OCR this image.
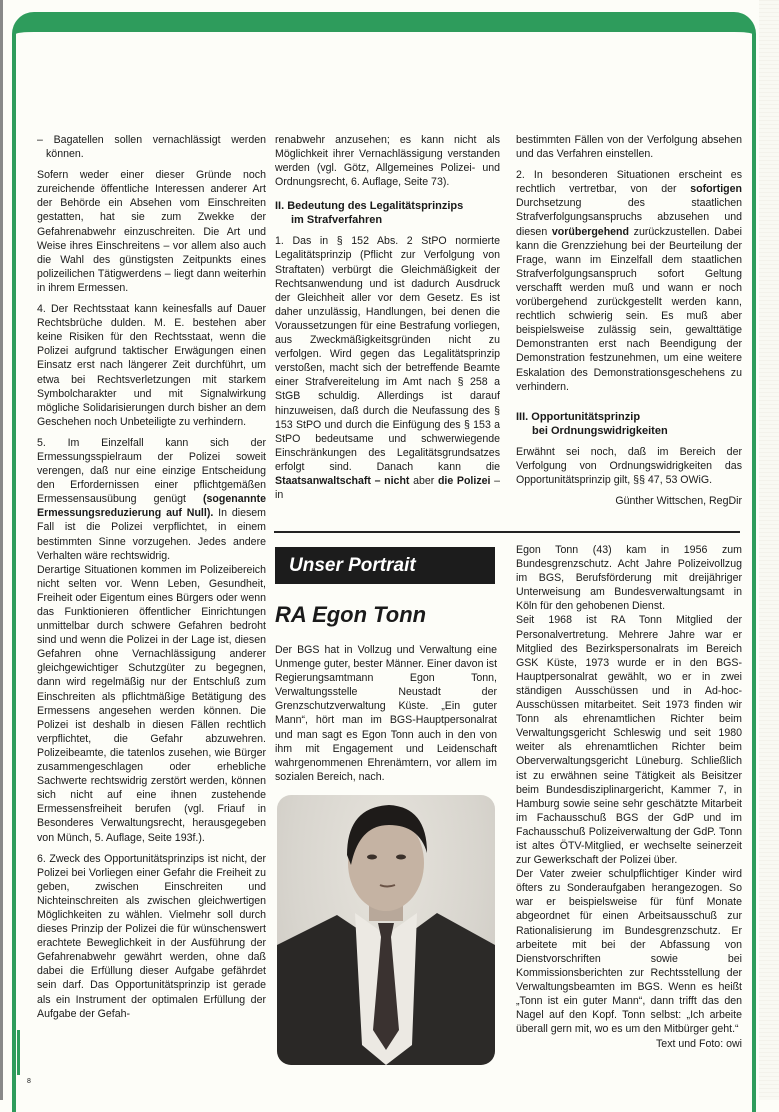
– Bagatellen sollen vernachlässigt werden können.

Sofern weder einer dieser Gründe noch zureichende öffentliche Interessen anderer Art der Behörde ein Absehen vom Einschreiten gestatten, hat sie zum Zwekke der Gefahrenabwehr einzuschreiten. Die Art und Weise ihres Einschreitens – vor allem also auch die Wahl des günstigsten Zeitpunkts eines polizeilichen Tätigwerdens – liegt dann weiterhin in ihrem Ermessen.

4. Der Rechtsstaat kann keinesfalls auf Dauer Rechtsbrüche dulden. M. E. bestehen aber keine Risiken für den Rechtsstaat, wenn die Polizei aufgrund taktischer Erwägungen einen Einsatz erst nach längerer Zeit durchführt, um etwa bei Rechtsverletzungen mit starkem Symbolcharakter und mit Signalwirkung mögliche Solidarisierungen durch bisher an dem Geschehen noch Unbeteiligte zu verhindern.

5. Im Einzelfall kann sich der Ermessungsspielraum der Polizei soweit verengen, daß nur eine einzige Entscheidung den Erfordernissen einer pflichtgemäßen Ermessensausübung genügt (sogenannte Ermessungsreduzierung auf Null). In diesem Fall ist die Polizei verpflichtet, in einem bestimmten Sinne vorzugehen. Jedes andere Verhalten wäre rechtswidrig.

Derartige Situationen kommen im Polizeibereich nicht selten vor. Wenn Leben, Gesundheit, Freiheit oder Eigentum eines Bürgers oder wenn das Funktionieren öffentlicher Einrichtungen unmittelbar durch schwere Gefahren bedroht sind und wenn die Polizei in der Lage ist, diesen Gefahren ohne Vernachlässigung anderer gleichgewichtiger Schutzgüter zu begegnen, dann wird regelmäßig nur der Entschluß zum Einschreiten als pflichtmäßige Betätigung des Ermessens angesehen werden können. Die Polizei ist deshalb in diesen Fällen rechtlich verpflichtet, die Gefahr abzuwehren. Polizeibeamte, die tatenlos zusehen, wie Bürger zusammengeschlagen oder erhebliche Sachwerte rechtswidrig zerstört werden, können sich nicht auf eine ihnen zustehende Ermessensfreiheit berufen (vgl. Friauf in Besonderes Verwaltungsrecht, herausgegeben von Münch, 5. Auflage, Seite 193f.).

6. Zweck des Opportunitätsprinzips ist nicht, der Polizei bei Vorliegen einer Gefahr die Freiheit zu geben, zwischen Einschreiten und Nichteinschreiten als zwischen gleichwertigen Möglichkeiten zu wählen. Vielmehr soll durch dieses Prinzip der Polizei die für wünschenswert erachtete Beweglichkeit in der Ausführung der Gefahrenabwehr gewährt werden, ohne daß dabei die Erfüllung dieser Aufgabe gefährdet sein darf. Das Opportunitätsprinzip ist gerade als ein Instrument der optimalen Erfüllung der Aufgabe der Gefah-

renabwehr anzusehen; es kann nicht als Möglichkeit ihrer Vernachlässigung verstanden werden (vgl. Götz, Allgemeines Polizei- und Ordnungsrecht, 6. Auflage, Seite 73).

II. Bedeutung des Legalitätsprinzips
im Strafverfahren

1. Das in § 152 Abs. 2 StPO normierte Legalitätsprinzip (Pflicht zur Verfolgung von Straftaten) verbürgt die Gleichmäßigkeit der Rechtsanwendung und ist dadurch Ausdruck der Gleichheit aller vor dem Gesetz. Es ist daher unzulässig, Handlungen, bei denen die Voraussetzungen für eine Bestrafung vorliegen, aus Zweckmäßigkeitsgründen nicht zu verfolgen. Wird gegen das Legalitätsprinzip verstoßen, macht sich der betreffende Beamte einer Strafvereitelung im Amt nach § 258 a StGB schuldig. Allerdings ist darauf hinzuweisen, daß durch die Neufassung des § 153 StPO und durch die Einfügung des § 153 a StPO bedeutsame und schwerwiegende Einschränkungen des Legalitätsgrundsatzes erfolgt sind. Danach kann die Staatsanwaltschaft – nicht aber die Polizei – in

bestimmten Fällen von der Verfolgung absehen und das Verfahren einstellen.

2. In besonderen Situationen erscheint es rechtlich vertretbar, von der sofortigen Durchsetzung des staatlichen Strafverfolgungsanspruchs abzusehen und diesen vorübergehend zurückzustellen. Dabei kann die Grenzziehung bei der Beurteilung der Frage, wann im Einzelfall dem staatlichen Strafverfolgungsanspruch sofort Geltung verschafft werden muß und wann er noch vorübergehend zurückgestellt werden kann, rechtlich schwierig sein. Es muß aber beispielsweise zulässig sein, gewalttätige Demonstranten erst nach Beendigung der Demonstration festzunehmen, um eine weitere Eskalation des Demonstrationsgeschehens zu verhindern.

III. Opportunitätsprinzip
bei Ordnungswidrigkeiten

Erwähnt sei noch, daß im Bereich der Verfolgung von Ordnungswidrigkeiten das Opportunitätsprinzip gilt, §§ 47, 53 OWiG.

Günther Wittschen, RegDir

Unser Portrait
RA Egon Tonn
Der BGS hat in Vollzug und Verwaltung eine Unmenge guter, bester Männer. Einer davon ist Regierungsamtmann Egon Tonn, Verwaltungsstelle Neustadt der Grenzschutzverwaltung Küste. „Ein guter Mann“, hört man im BGS-Hauptpersonalrat und man sagt es Egon Tonn auch in den von ihm mit Engagement und Leidenschaft wahrgenommenen Ehrenämtern, vor allem im sozialen Bereich, nach.

Egon Tonn (43) kam in 1956 zum Bundesgrenzschutz. Acht Jahre Polizeivollzug im BGS, Berufsförderung mit dreijähriger Unterweisung am Bundesverwaltungsamt in Köln für den gehobenen Dienst.

Seit 1968 ist RA Tonn Mitglied der Personalvertretung. Mehrere Jahre war er Mitglied des Bezirkspersonalrats im Bereich GSK Küste, 1973 wurde er in den BGS-Hauptpersonalrat gewählt, wo er in zwei ständigen Ausschüssen und in Ad-hoc-Ausschüssen mitarbeitet. Seit 1973 finden wir Tonn als ehrenamtlichen Richter beim Verwaltungsgericht Schleswig und seit 1980 weiter als ehrenamtlichen Richter beim Oberverwaltungsgericht Lüneburg. Schließlich ist zu erwähnen seine Tätigkeit als Beisitzer beim Bundesdisziplinargericht, Kammer 7, in Hamburg sowie seine sehr geschätzte Mitarbeit im Fachausschuß BGS der GdP und im Fachausschuß Polizeiverwaltung der GdP. Tonn ist altes ÖTV-Mitglied, er wechselte seinerzeit zur Gewerkschaft der Polizei über.

Der Vater zweier schulpflichtiger Kinder wird öfters zu Sonderaufgaben herangezogen. So war er beispielsweise für fünf Monate abgeordnet für einen Arbeitsausschuß zur Rationalisierung im Bundesgrenzschutz. Er arbeitete mit bei der Abfassung von Dienstvorschriften sowie bei Kommissionsberichten zur Rechtsstellung der Verwaltungsbeamten im BGS. Wenn es heißt „Tonn ist ein guter Mann“, dann trifft das den Nagel auf den Kopf. Tonn selbst: „Ich arbeite überall gern mit, wo es um den Mitbürger geht.“

Text und Foto: owi

8
